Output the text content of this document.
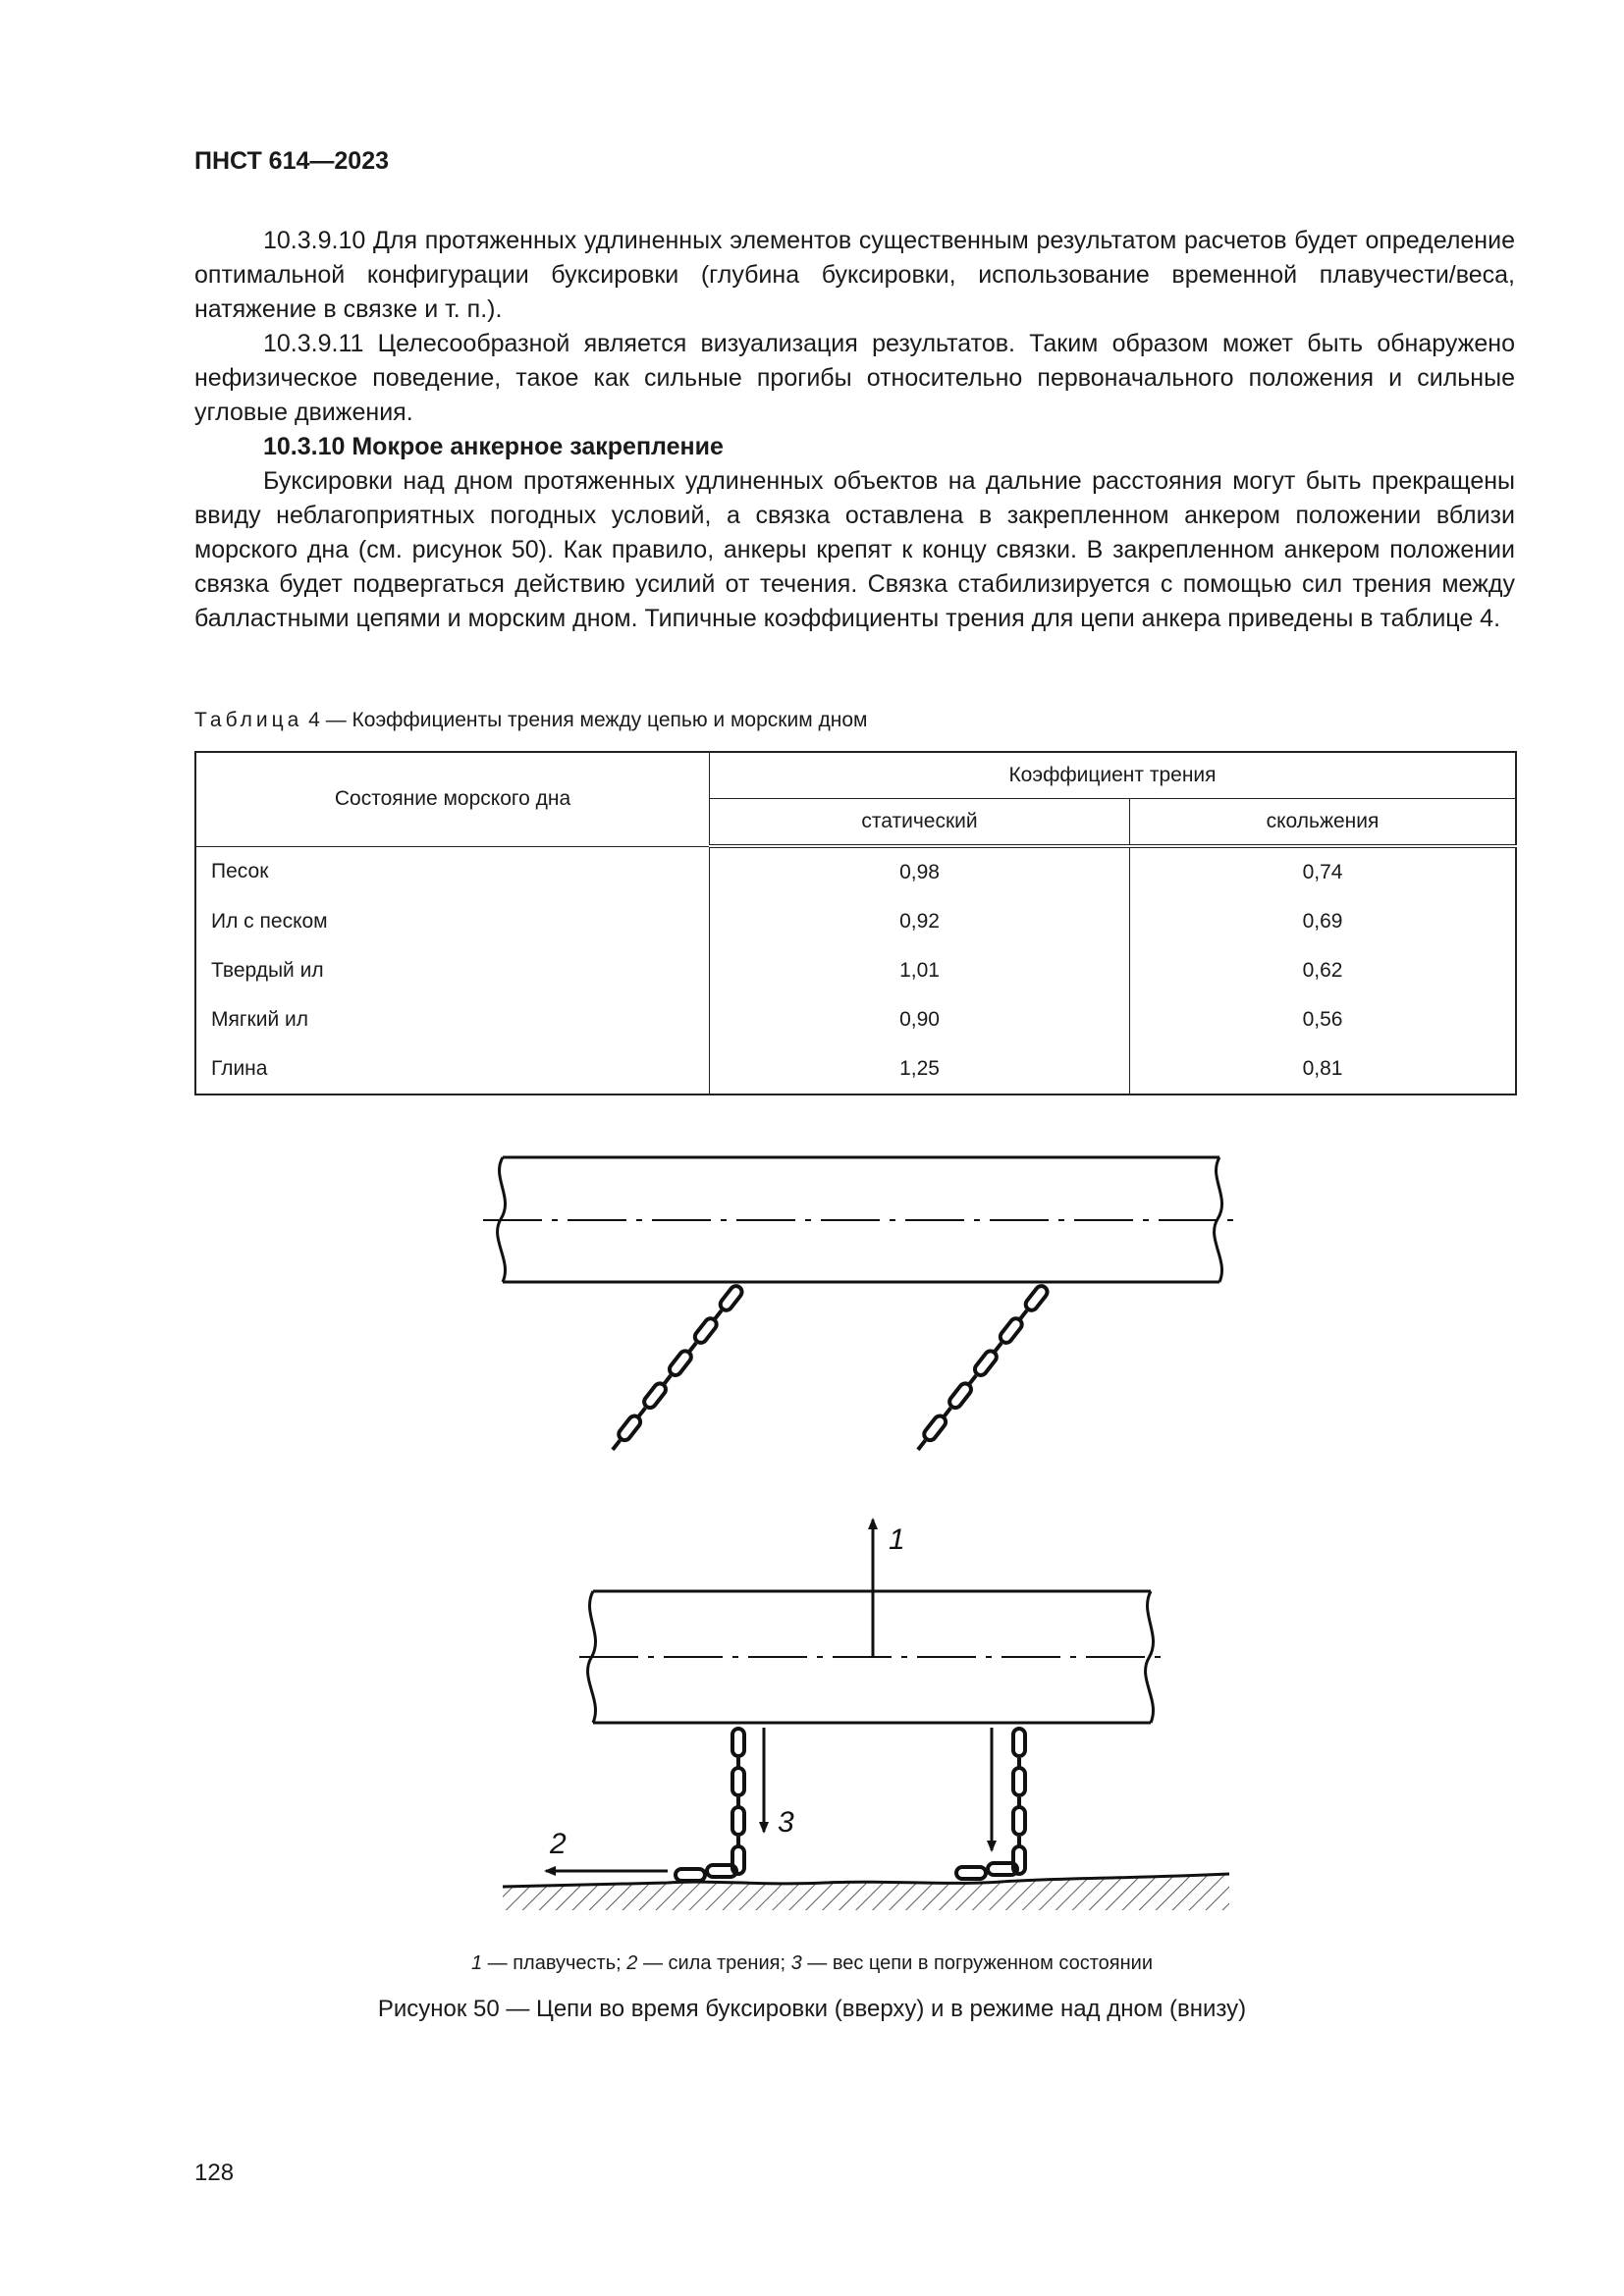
ПНСТ 614—2023

10.3.9.10 Для протяженных удлиненных элементов существенным результатом расчетов будет определение оптимальной конфигурации буксировки (глубина буксировки, использование временной плавучести/веса, натяжение в связке и т. п.).

10.3.9.11 Целесообразной является визуализация результатов. Таким образом может быть обнаружено нефизическое поведение, такое как сильные прогибы относительно первоначального положения и сильные угловые движения.

10.3.10 Мокрое анкерное закрепление

Буксировки над дном протяженных удлиненных объектов на дальние расстояния могут быть прекращены ввиду неблагоприятных погодных условий, а связка оставлена в закрепленном анкером положении вблизи морского дна (см. рисунок 50). Как правило, анкеры крепят к концу связки. В закрепленном анкером положении связка будет подвергаться действию усилий от течения. Связка стабилизируется с помощью сил трения между балластными цепями и морским дном. Типичные коэффициенты трения для цепи анкера приведены в таблице 4.

Таблица 4 — Коэффициенты трения между цепью и морским дном
Состояние морского дна	Коэффициент трения	
	статический	скольжения
Песок	0,98	0,74
Ил с песком	0,92	0,69
Твердый ил	1,01	0,62
Мягкий ил	0,90	0,56
Глина	1,25	0,81
1
3
2
1 — плавучесть; 2 — сила трения; 3 — вес цепи в погруженном состоянии
Рисунок 50 — Цепи во время буксировки (вверху) и в режиме над дном (внизу)
128
